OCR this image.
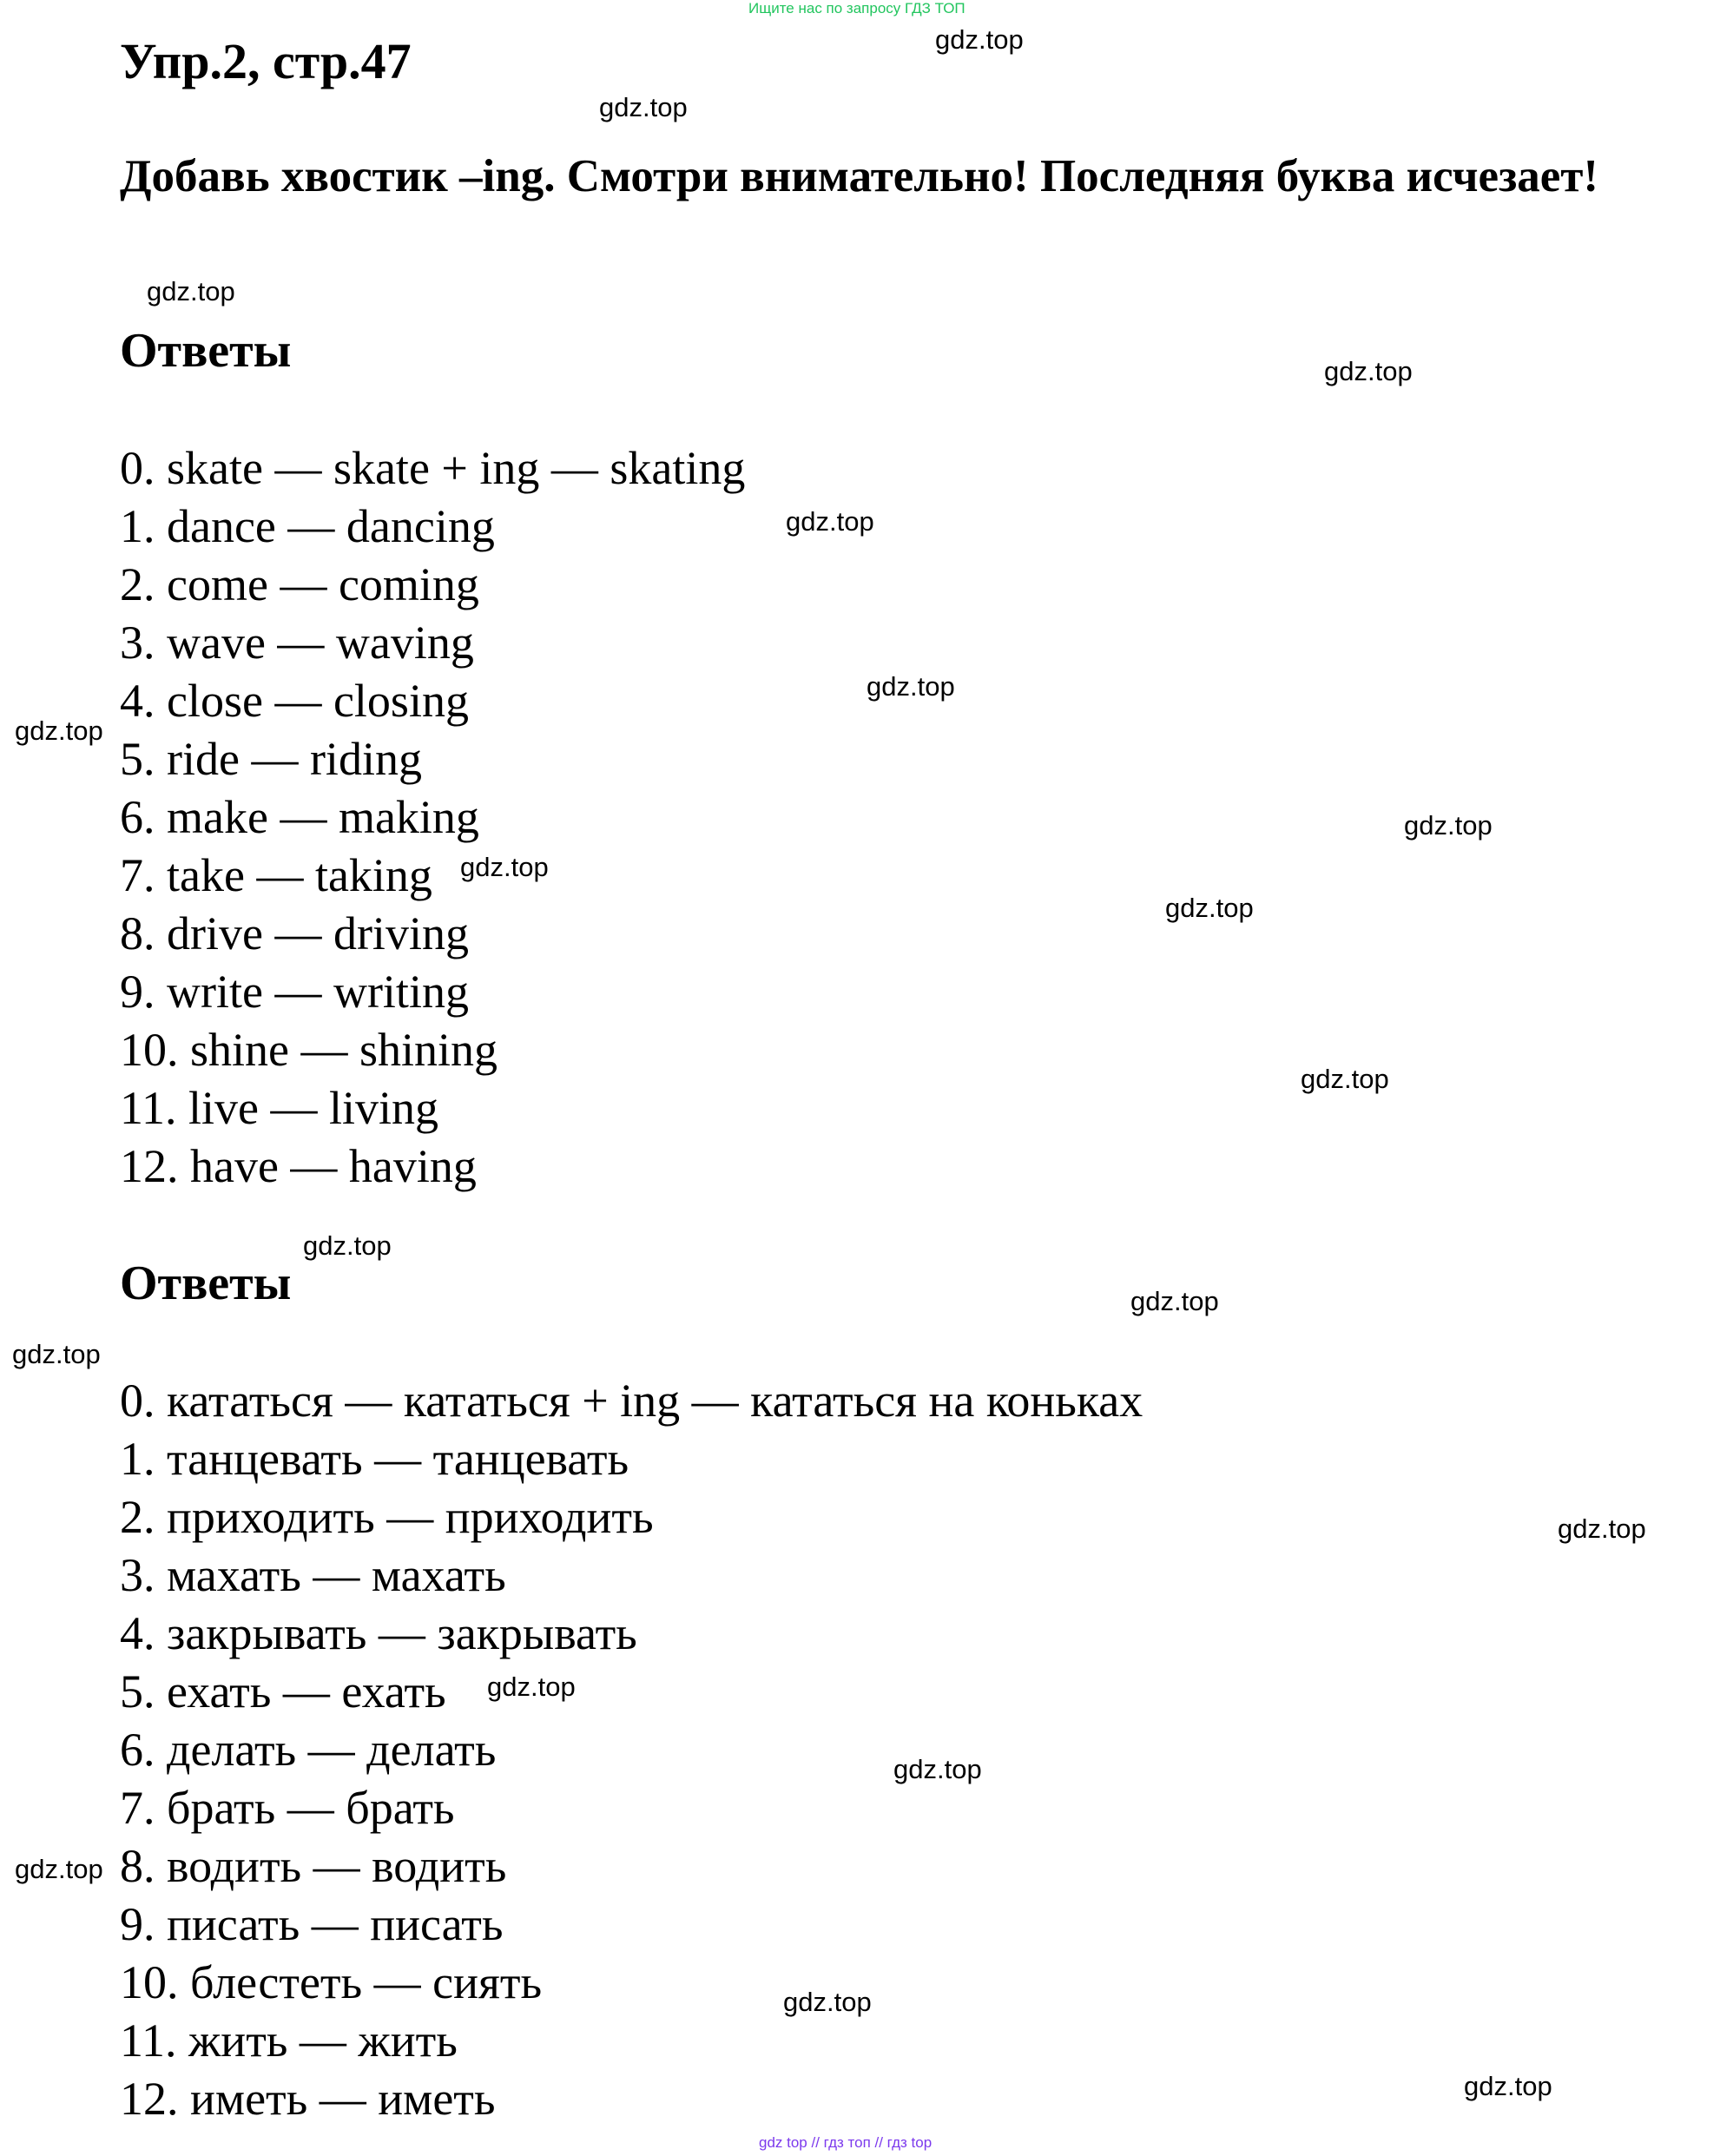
Ищите нас по запросу ГДЗ ТОП
Упр.2, стр.47
Добавь хвостик –ing. Смотри внимательно! Последняя буква исчезает!
Ответы
0. skate — skate + ing — skating
1. dance — dancing
2. come — coming
3. wave — waving
4. close — closing
5. ride — riding
6. make — making
7. take — taking
8. drive — driving
9. write — writing
10. shine — shining
11. live — living
12. have — having
Ответы
0. кататься — кататься + ing — кататься на коньках
1. танцевать — танцевать
2. приходить — приходить
3. махать — махать
4. закрывать — закрывать
5. ехать — ехать
6. делать — делать
7. брать — брать
8. водить — водить
9. писать — писать
10. блестеть — сиять
11. жить — жить
12. иметь — иметь
gdz.top
gdz.top
gdz.top
gdz.top
gdz.top
gdz.top
gdz.top
gdz.top
gdz.top
gdz.top
gdz.top
gdz.top
gdz.top
gdz.top
gdz.top
gdz.top
gdz.top
gdz.top
gdz.top
gdz.top
gdz top // гдз топ // гдз top
